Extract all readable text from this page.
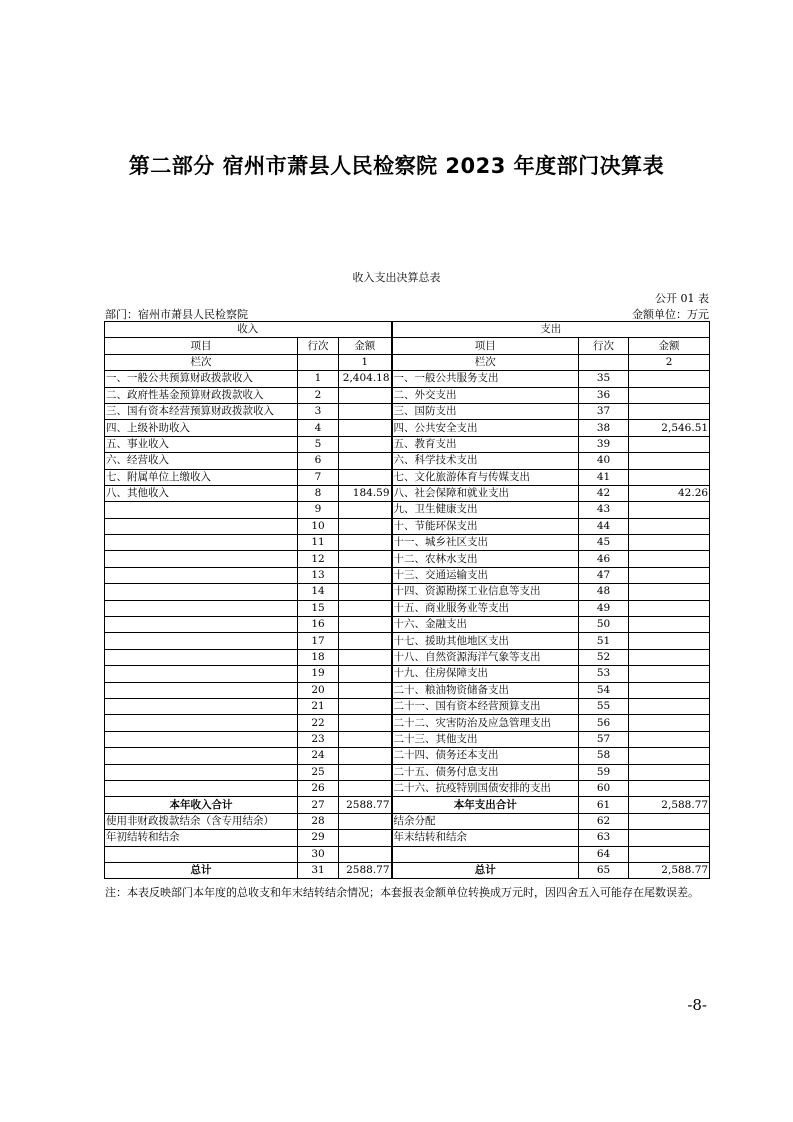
第二部分 宿州市萧县人民检察院 2023 年度部门决算表
收入支出决算总表
公开 01 表
部门：宿州市萧县人民检察院	金额单位：万元
收入			支出		
项目	行次	金额	项目	行次	金额
栏次		1	栏次		2
一、一般公共预算财政拨款收入	1	2,404.18	一、一般公共服务支出	35	
二、政府性基金预算财政拨款收入	2		二、外交支出	36	
三、国有资本经营预算财政拨款收入	3		三、国防支出	37	
四、上级补助收入	4		四、公共安全支出	38	2,546.51
五、事业收入	5		五、教育支出	39	
六、经营收入	6		六、科学技术支出	40	
七、附属单位上缴收入	7		七、文化旅游体育与传媒支出	41	
八、其他收入	8	184.59	八、社会保障和就业支出	42	42.26
	9		九、卫生健康支出	43	
	10		十、节能环保支出	44	
	11		十一、城乡社区支出	45	
	12		十二、农林水支出	46	
	13		十三、交通运输支出	47	
	14		十四、资源勘探工业信息等支出	48	
	15		十五、商业服务业等支出	49	
	16		十六、金融支出	50	
	17		十七、援助其他地区支出	51	
	18		十八、自然资源海洋气象等支出	52	
	19		十九、住房保障支出	53	
	20		二十、粮油物资储备支出	54	
	21		二十一、国有资本经营预算支出	55	
	22		二十二、灾害防治及应急管理支出	56	
	23		二十三、其他支出	57	
	24		二十四、债务还本支出	58	
	25		二十五、债务付息支出	59	
	26		二十六、抗疫特别国债安排的支出	60	
本年收入合计	27	2588.77	本年支出合计	61	2,588.77
使用非财政拨款结余（含专用结余）	28		结余分配	62	
年初结转和结余	29		年末结转和结余	63	
	30			64	
总计	31	2588.77	总计	65	2,588.77
注：本表反映部门本年度的总收支和年末结转结余情况；本套报表金额单位转换成万元时，因四舍五入可能存在尾数误差。
-8-
